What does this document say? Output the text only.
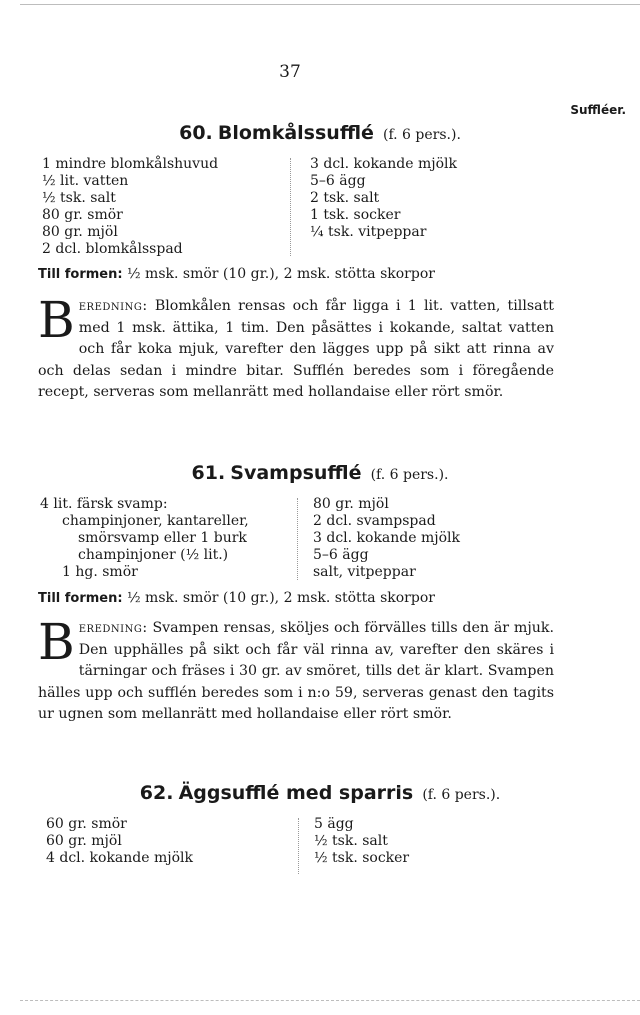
37
Suffléer.
60. Blomkålssufflé (f. 6 pers.).
1 mindre blomkålshuvud
½ lit. vatten
½ tsk. salt
80 gr. smör
80 gr. mjöl
2 dcl. blomkålsspad
3 dcl. kokande mjölk
5–6 ägg
2 tsk. salt
1 tsk. socker
¼ tsk. vitpeppar
Till formen: ½ msk. smör (10 gr.), 2 msk. stötta skorpor
Beredning: Blomkålen rensas och får ligga i 1 lit. vatten, tillsatt med 1 msk. ättika, 1 tim. Den påsättes i kokande, saltat vatten och får koka mjuk, varefter den lägges upp på sikt att rinna av och delas sedan i mindre bitar. Sufflén beredes som i föregående recept, serveras som mellanrätt med hollandaise eller rört smör.
61. Svampsufflé (f. 6 pers.).
4 lit. färsk svamp:
champinjoner, kantareller,
smörsvamp eller 1 burk
champinjoner (½ lit.)
1 hg. smör
80 gr. mjöl
2 dcl. svampspad
3 dcl. kokande mjölk
5–6 ägg
salt, vitpeppar
Till formen: ½ msk. smör (10 gr.), 2 msk. stötta skorpor
Beredning: Svampen rensas, sköljes och förvälles tills den är mjuk. Den upphälles på sikt och får väl rinna av, varefter den skäres i tärningar och fräses i 30 gr. av smöret, tills det är klart. Svampen hälles upp och sufflén beredes som i n:o 59, serveras genast den tagits ur ugnen som mellanrätt med hollandaise eller rört smör.
62. Äggsufflé med sparris (f. 6 pers.).
60 gr. smör
60 gr. mjöl
4 dcl. kokande mjölk
5 ägg
½ tsk. salt
½ tsk. socker
